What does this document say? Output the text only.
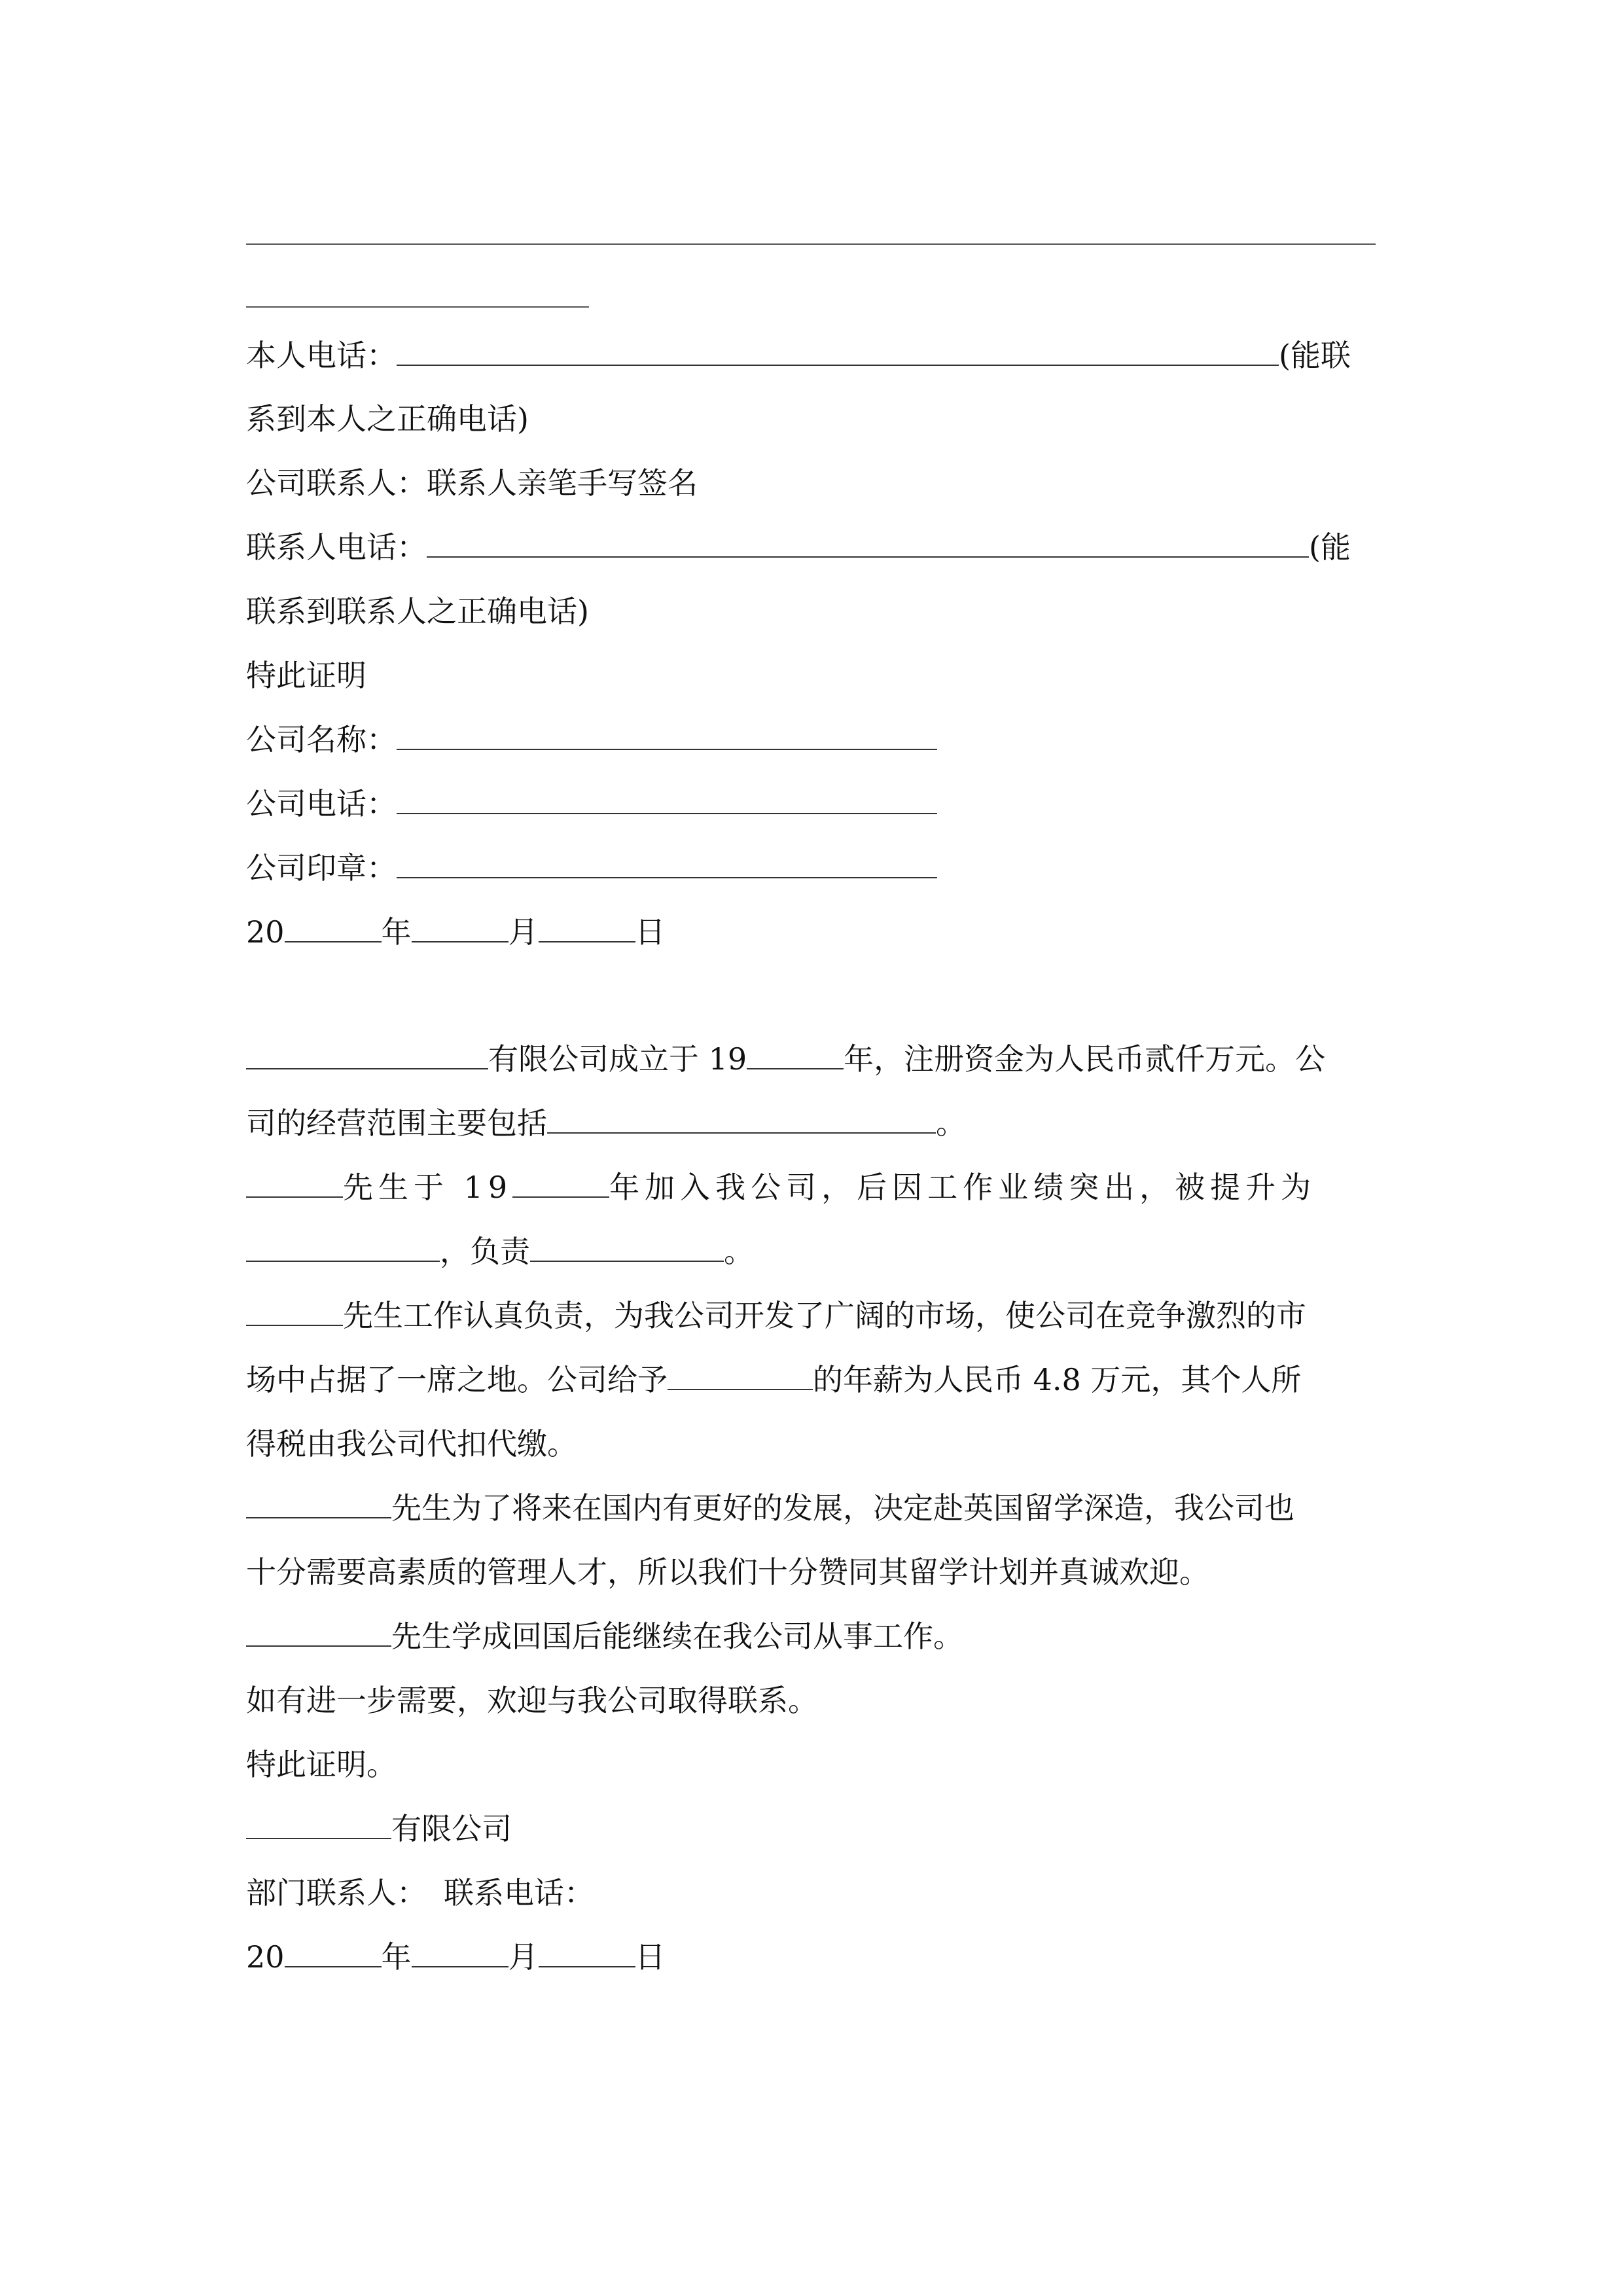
本人电话：	(能联
系到本人之正确电话)
公司联系人：联系人亲笔手写签名
联系人电话：	(能
联系到联系人之正确电话)
特此证明
公司名称：
公司电话：
公司印章：
20	年	月	日
有限公司成立于 19	年，注册资金为人民币贰仟万元。公
司的经营范围主要包括	。
先生于 19	年加入我公司，后因工作业绩突出，被提升为
，负责	。
先生工作认真负责，为我公司开发了广阔的市场，使公司在竞争激烈的市
场中占据了一席之地。公司给予	的年薪为人民币 4.8 万元，其个人所
得税由我公司代扣代缴。
先生为了将来在国内有更好的发展，决定赴英国留学深造，我公司也
十分需要高素质的管理人才，所以我们十分赞同其留学计划并真诚欢迎。
先生学成回国后能继续在我公司从事工作。
如有进一步需要，欢迎与我公司取得联系。
特此证明。
有限公司
部门联系人： 联系电话：
20	年	月	日
